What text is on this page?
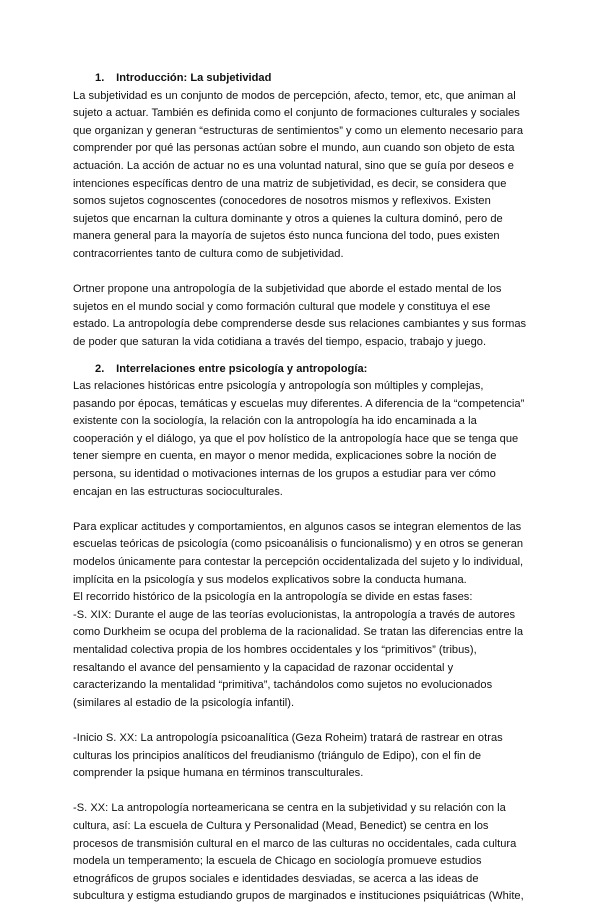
1. Introducción: La subjetividad

La subjetividad es un conjunto de modos de percepción, afecto, temor, etc, que animan al sujeto a actuar. También es definida como el conjunto de formaciones culturales y sociales que organizan y generan “estructuras de sentimientos” y como un elemento necesario para comprender por qué las personas actúan sobre el mundo, aun cuando son objeto de esta actuación. La acción de actuar no es una voluntad natural, sino que se guía por deseos e intenciones específicas dentro de una matriz de subjetividad, es decir, se considera que somos sujetos cognoscentes (conocedores de nosotros mismos y reflexivos. Existen sujetos que encarnan la cultura dominante y otros a quienes la cultura dominó, pero de manera general para la mayoría de sujetos ésto nunca funciona del todo, pues existen contracorrientes tanto de cultura como de subjetividad.

Ortner propone una antropología de la subjetividad que aborde el estado mental de los sujetos en el mundo social y como formación cultural que modele y constituya el ese estado. La antropología debe comprenderse desde sus relaciones cambiantes y sus formas de poder que saturan la vida cotidiana a través del tiempo, espacio, trabajo y juego.

2. Interrelaciones entre psicología y antropología:

Las relaciones históricas entre psicología y antropología son múltiples y complejas, pasando por épocas, temáticas y escuelas muy diferentes. A diferencia de la “competencia” existente con la sociología, la relación con la antropología ha ido encaminada a la cooperación y el diálogo, ya que el pov holístico de la antropología hace que se tenga que tener siempre en cuenta, en mayor o menor medida, explicaciones sobre la noción de persona, su identidad o motivaciones internas de los grupos a estudiar para ver cómo encajan en las estructuras socioculturales.

Para explicar actitudes y comportamientos, en algunos casos se integran elementos de las escuelas teóricas de psicología (como psicoanálisis o funcionalismo) y en otros se generan modelos únicamente para contestar la percepción occidentalizada del sujeto y lo individual, implícita en la psicología y sus modelos explicativos sobre la conducta humana.

El recorrido histórico de la psicología en la antropología se divide en estas fases:

-S. XIX: Durante el auge de las teorías evolucionistas, la antropología a través de autores como Durkheim se ocupa del problema de la racionalidad. Se tratan las diferencias entre la mentalidad colectiva propia de los hombres occidentales y los “primitivos” (tribus), resaltando el avance del pensamiento y la capacidad de razonar occidental y caracterizando la mentalidad “primitiva”, tachándolos como sujetos no evolucionados (similares al estadio de la psicología infantil).

-Inicio S. XX: La antropología psicoanalítica (Geza Roheim) tratará de rastrear en otras culturas los principios analíticos del freudianismo (triángulo de Edipo), con el fin de comprender la psique humana en términos transculturales.

-S. XX: La antropología norteamericana se centra en la subjetividad y su relación con la cultura, así: La escuela de Cultura y Personalidad (Mead, Benedict) se centra en los procesos de transmisión cultural en el marco de las culturas no occidentales, cada cultura modela un temperamento; la escuela de Chicago en sociología promueve estudios etnográficos de grupos sociales e identidades desviadas, se acerca a las ideas de subcultura y estigma estudiando grupos de marginados e instituciones psiquiátricas (White,
